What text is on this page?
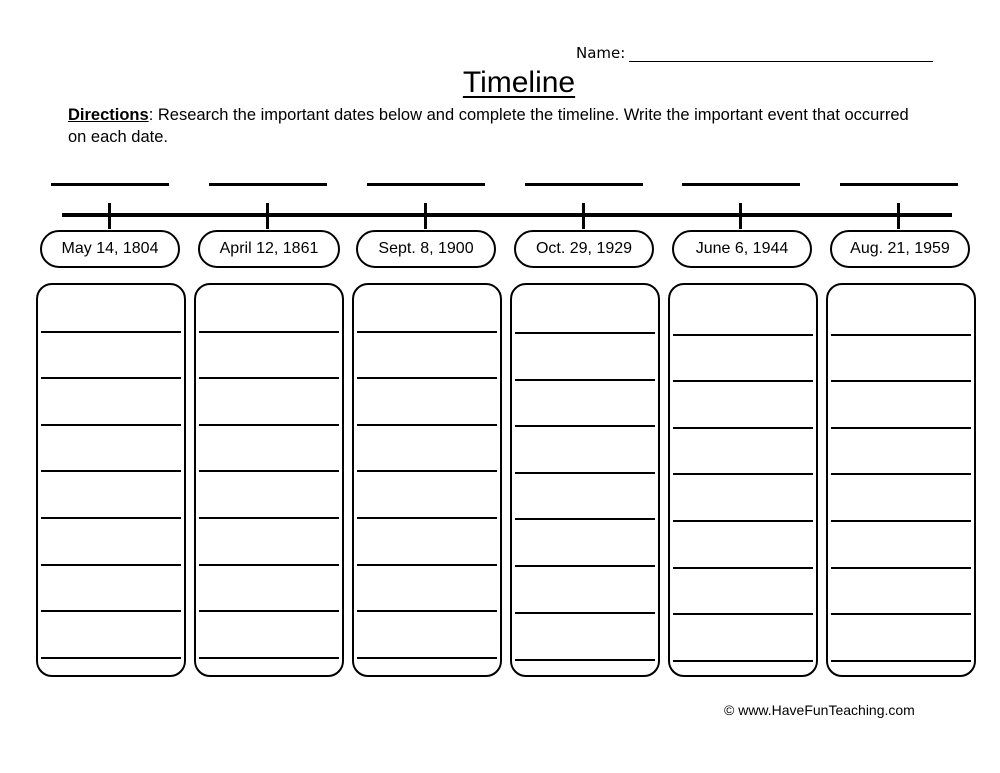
Name:
Timeline
Directions: Research the important dates below and complete the timeline. Write the important event that occurred on each date.
May 14, 1804	April 12, 1861	Sept. 8, 1900	Oct. 29, 1929	June 6, 1944	Aug. 21, 1959
© www.HaveFunTeaching.com
